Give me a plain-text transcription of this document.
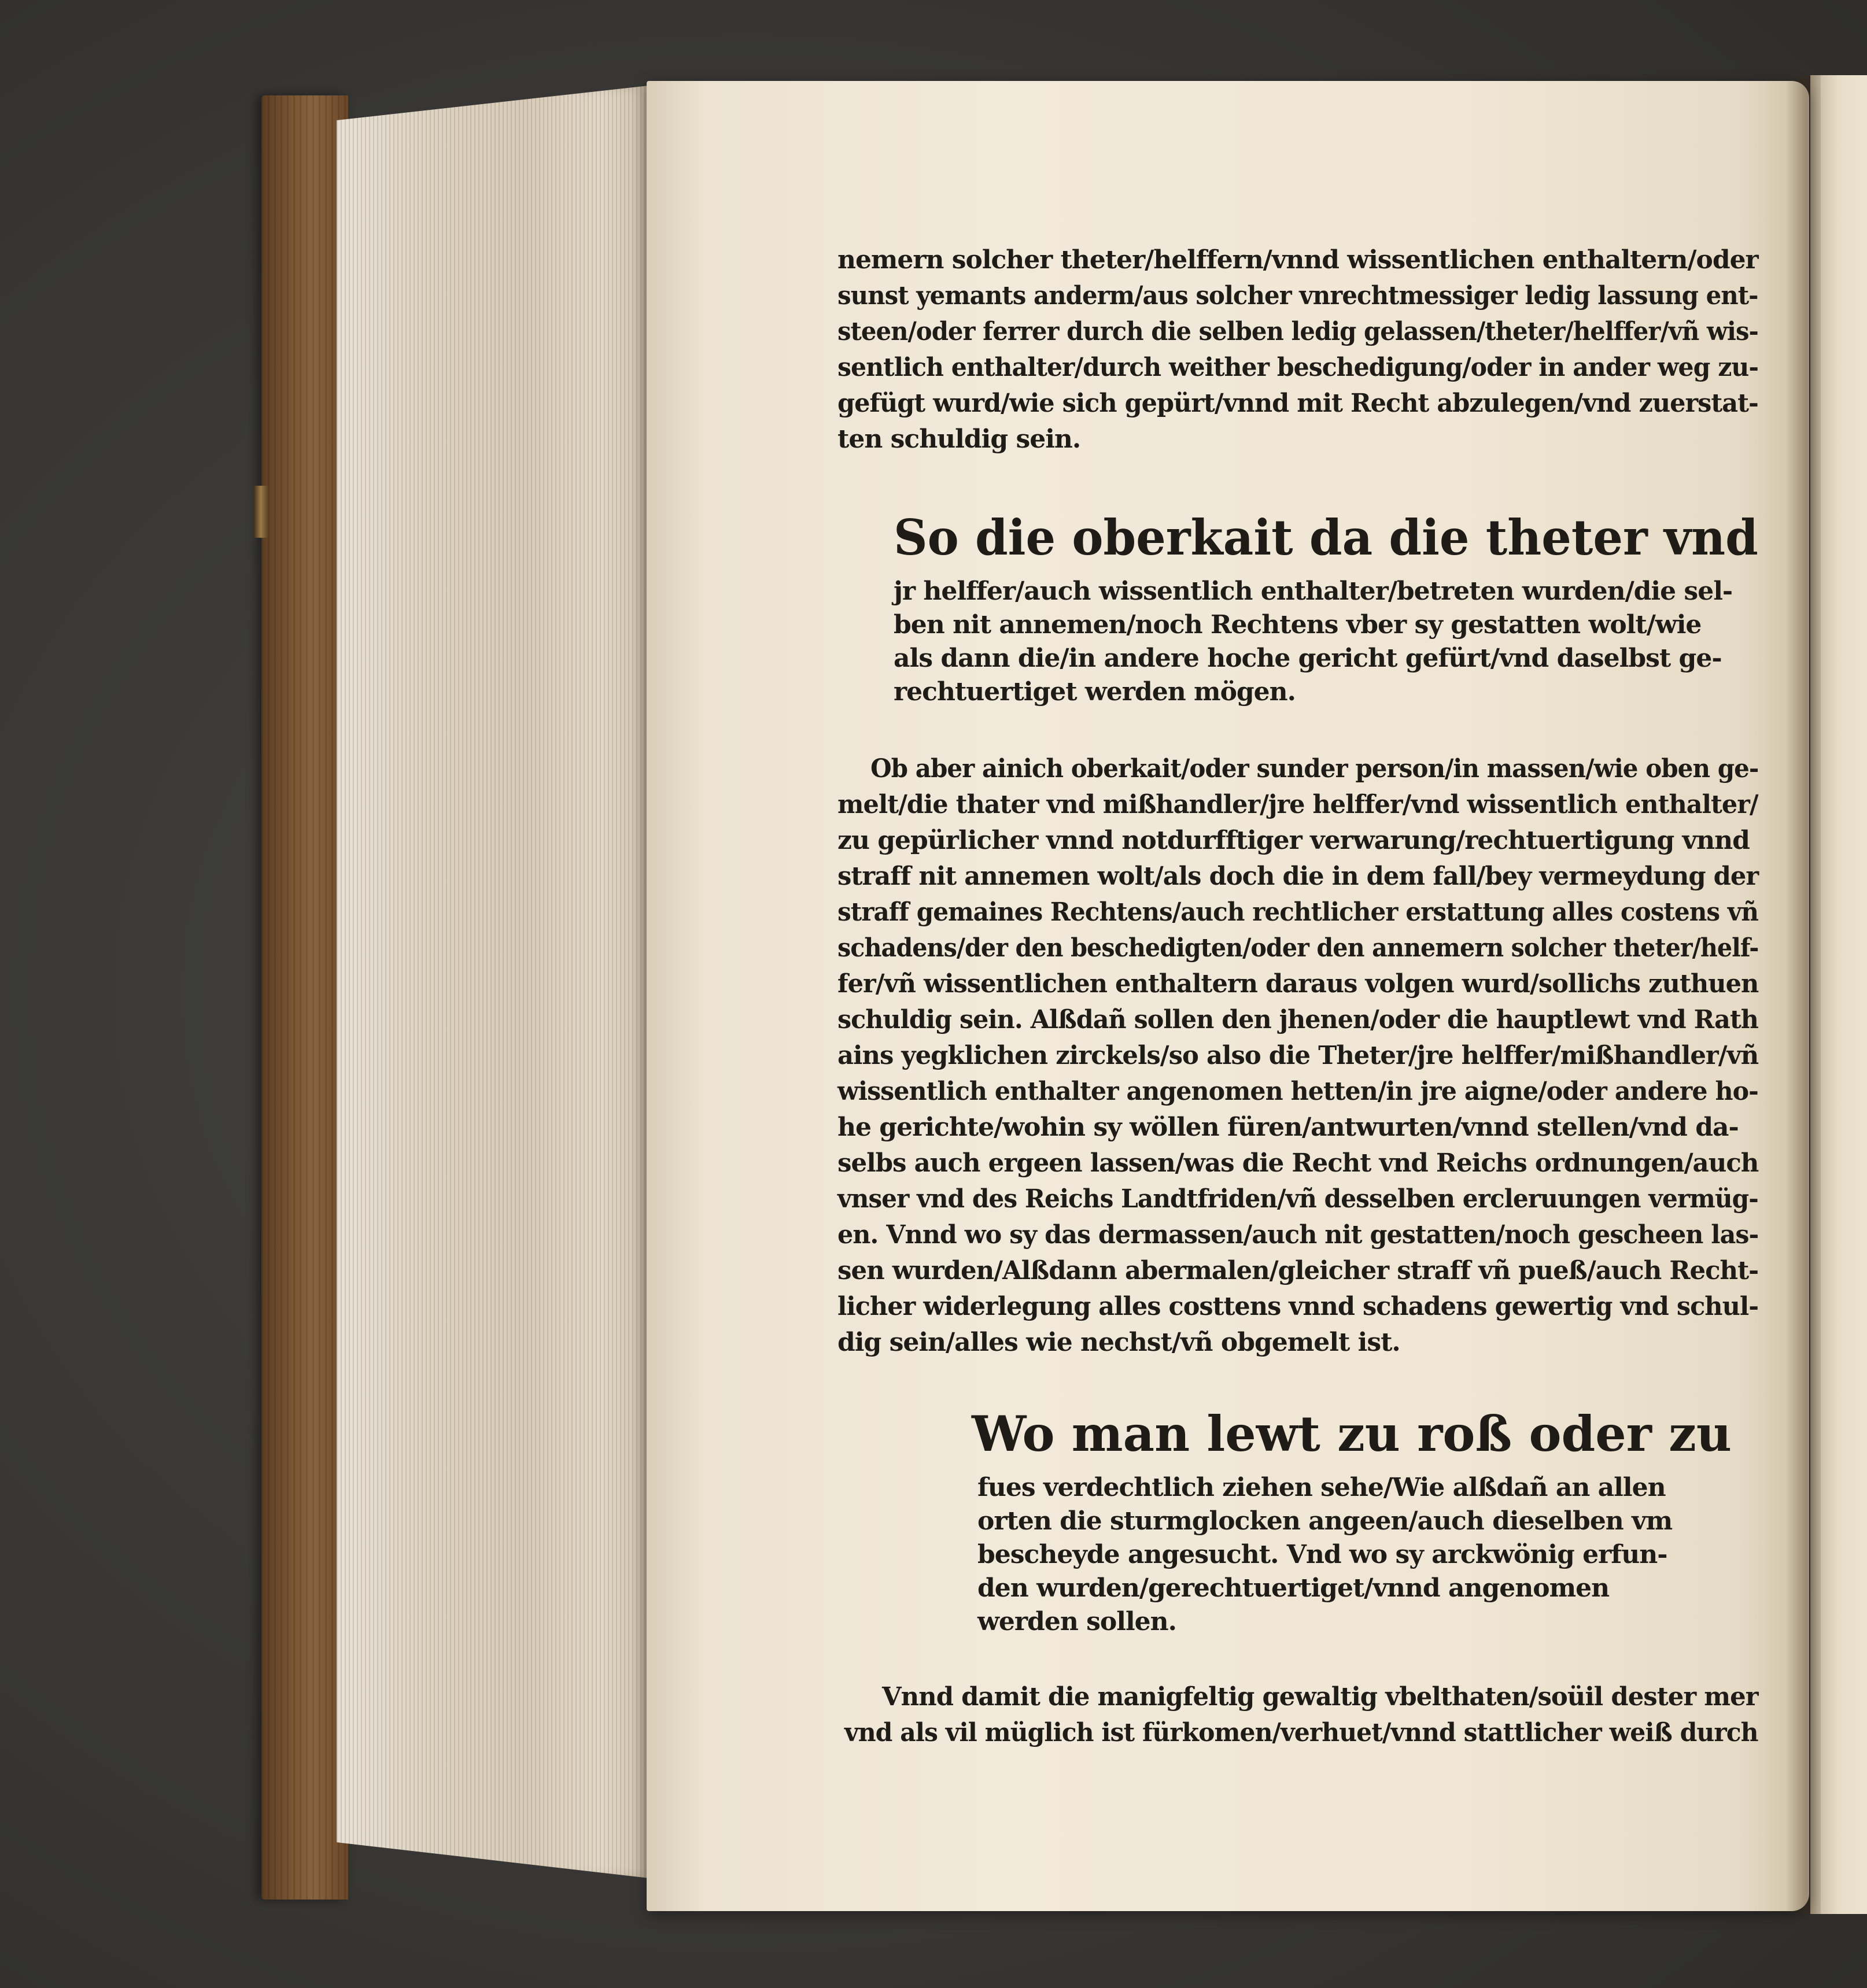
nemern solcher theter/helffern/vnnd wissentlichen enthaltern/oder
sunst yemants anderm/aus solcher vnrechtmessiger ledig lassung ent-
steen/oder ferrer durch die selben ledig gelassen/theter/helffer/vñ wis-
sentlich enthalter/durch weither beschedigung/oder in ander weg zu-
gefügt wurd/wie sich gepürt/vnnd mit Recht abzulegen/vnd zuerstat-
ten schuldig sein.
So die oberkait da die theter vnd
jr helffer/auch wissentlich enthalter/betreten wurden/die sel-
ben nit annemen/noch Rechtens vber sy gestatten wolt/wie
als dann die/in andere hoche gericht gefürt/vnd daselbst ge-
rechtuertiget werden mögen.
Ob aber ainich oberkait/oder sunder person/in massen/wie oben ge-
melt/die thater vnd mißhandler/jre helffer/vnd wissentlich enthalter/
zu gepürlicher vnnd notdurfftiger verwarung/rechtuertigung vnnd
straff nit annemen wolt/als doch die in dem fall/bey vermeydung der
straff gemaines Rechtens/auch rechtlicher erstattung alles costens vñ
schadens/der den beschedigten/oder den annemern solcher theter/helf-
fer/vñ wissentlichen enthaltern daraus volgen wurd/sollichs zuthuen
schuldig sein. Alßdañ sollen den jhenen/oder die hauptlewt vnd Rath
ains yegklichen zirckels/so also die Theter/jre helffer/mißhandler/vñ
wissentlich enthalter angenomen hetten/in jre aigne/oder andere ho-
he gerichte/wohin sy wöllen füren/antwurten/vnnd stellen/vnd da-
selbs auch ergeen lassen/was die Recht vnd Reichs ordnungen/auch
vnser vnd des Reichs Landtfriden/vñ desselben ercleruungen vermüg-
en. Vnnd wo sy das dermassen/auch nit gestatten/noch gescheen las-
sen wurden/Alßdann abermalen/gleicher straff vñ pueß/auch Recht-
licher widerlegung alles costtens vnnd schadens gewertig vnd schul-
dig sein/alles wie nechst/vñ obgemelt ist.
Wo man lewt zu roß oder zu
fues verdechtlich ziehen sehe/Wie alßdañ an allen
orten die sturmglocken angeen/auch dieselben vm
bescheyde angesucht. Vnd wo sy arckwönig erfun-
den wurden/gerechtuertiget/vnnd angenomen
werden sollen.
Vnnd damit die manigfeltig gewaltig vbelthaten/soüil dester mer
vnd als vil müglich ist fürkomen/verhuet/vnnd stattlicher weiß durch
